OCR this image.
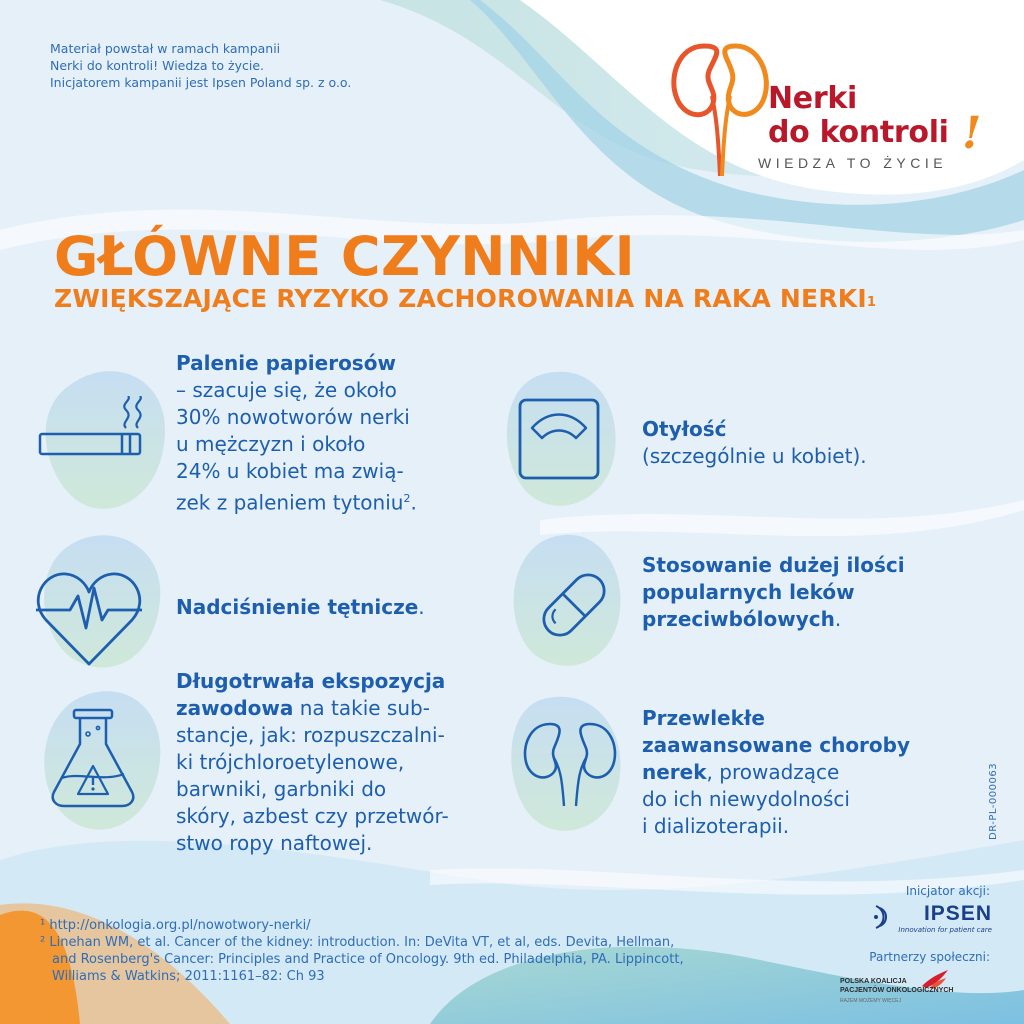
Materiał powstał w ramach kampanii
Nerki do kontroli! Wiedza to życie.
Inicjatorem kampanii jest Ipsen Poland sp. z o.o.	Nerki
do kontroli !
WIEDZA TO ŻYCIE
GŁÓWNE CZYNNIKI
ZWIĘKSZAJĄCE RYZYKO ZACHOROWANIA NA RAKA NERKI$^1$
Palenie papierosów
– szacuje się, że około
30% nowotworów nerki
u mężczyzn i około
24% u kobiet ma zwią-
zek z paleniem tytoniu$^2$.
Nadciśnienie tętnicze.
Długotrwała ekspozycja
zawodowa na takie sub-
stancje, jak: rozpuszczalni-
ki trójchloroetylenowe,
barwniki, garbniki do
skóry, azbest czy przetwór-
stwo ropy naftowej.
Otyłość
(szczególnie u kobiet).
Stosowanie dużej ilości
popularnych leków
przeciwbólowych.
Przewlekłe
zaawansowane choroby
nerek, prowadzące
do ich niewydolności
i dializoterapii.	DR-PL-000063
¹ http://onkologia.org.pl/nowotwory-nerki/
² Linehan WM, et al. Cancer of the kidney: introduction. In: DeVita VT, et al, eds. Devita, Hellman,
and Rosenberg's Cancer: Principles and Practice of Oncology. 9th ed. Philadelphia, PA. Lippincott,
Williams & Watkins; 2011:1161–82: Ch 93
Inicjator akcji:
IPSEN
Innovation for patient care
Partnerzy społeczni:
POLSKA KOALICJA
PACJENTÓW ONKOLOGICZNYCH
RAZEM MOŻEMY WIĘCEJ
